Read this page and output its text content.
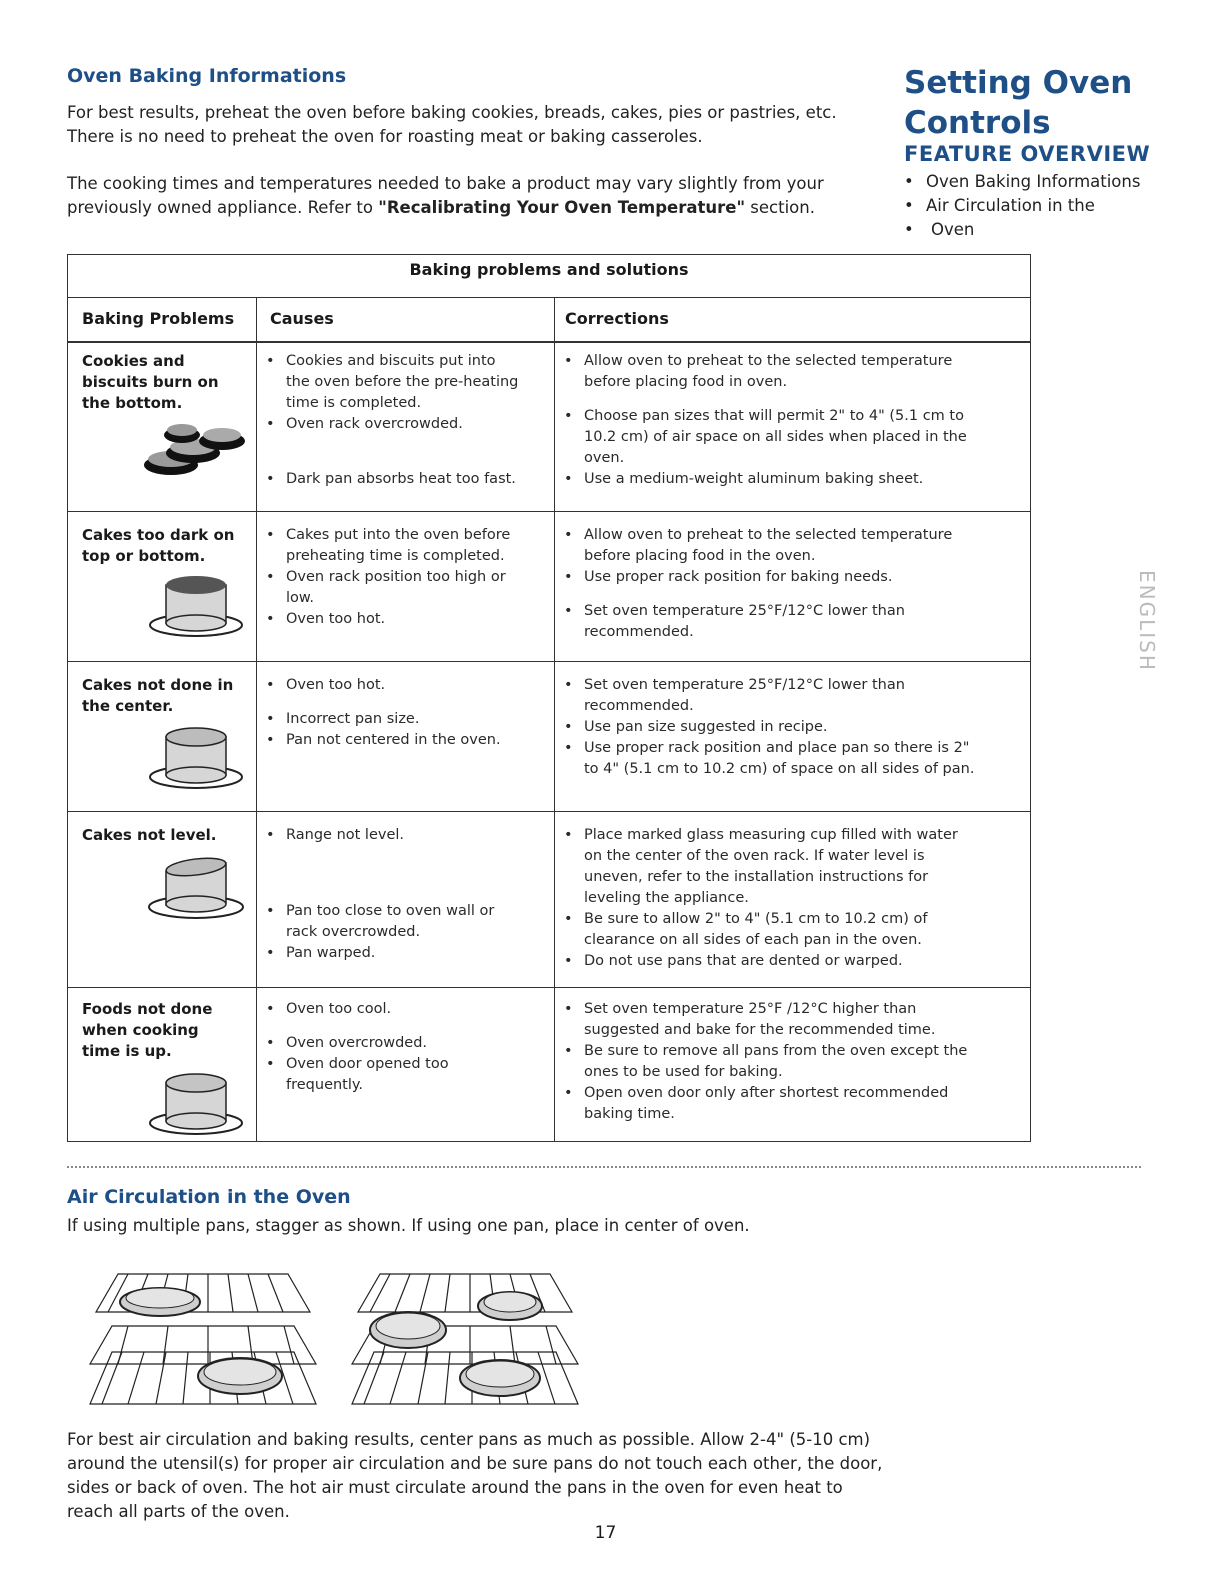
Oven Baking Informations
For best results, preheat the oven before baking cookies, breads, cakes, pies or pastries, etc.
There is no need to preheat the oven for roasting meat or baking casseroles.
The cooking times and temperatures needed to bake a product may vary slightly from your
previously owned appliance. Refer to "Recalibrating Your Oven Temperature" section.
Setting Oven
Controls
FEATURE OVERVIEW
• Oven Baking Informations
• Air Circulation in the
• Oven
ENGLISH
Baking problems and solutions
Baking Problems Causes	Corrections
Cookies and
biscuits burn on
the bottom.
• Cookies and biscuits put into
the oven before the pre-heating
time is completed.
• Oven rack overcrowded.
• Dark pan absorbs heat too fast.
• Allow oven to preheat to the selected temperature
before placing food in oven.
• Choose pan sizes that will permit 2" to 4" (5.1 cm to
10.2 cm) of air space on all sides when placed in the
oven.
• Use a medium-weight aluminum baking sheet.
Cakes too dark on
top or bottom.
• Cakes put into the oven before
preheating time is completed.
• Oven rack position too high or
low.
• Oven too hot.
• Allow oven to preheat to the selected temperature
before placing food in the oven.
• Use proper rack position for baking needs.
• Set oven temperature 25°F/12°C lower than
recommended.
Cakes not done in
the center.
• Oven too hot.
• Incorrect pan size.
• Pan not centered in the oven.
• Set oven temperature 25°F/12°C lower than
recommended.
• Use pan size suggested in recipe.
• Use proper rack position and place pan so there is 2"
to 4" (5.1 cm to 10.2 cm) of space on all sides of pan.
Cakes not level.
•	Range not level.
• Pan too close to oven wall or
rack overcrowded.
• Pan warped.
• Place marked glass measuring cup filled with water
on the center of the oven rack. If water level is
uneven, refer to the installation instructions for
leveling the appliance.
• Be sure to allow 2" to 4" (5.1 cm to 10.2 cm) of
clearance on all sides of each pan in the oven.
• Do not use pans that are dented or warped.
Foods not done
when cooking
time is up.
• Oven too cool.
• Oven overcrowded.
• Oven door opened too
frequently.
• Set oven temperature 25°F /12°C higher than
suggested and bake for the recommended time.
• Be sure to remove all pans from the oven except the
ones to be used for baking.
• Open oven door only after shortest recommended
baking time.
Air Circulation in the Oven
If using multiple pans, stagger as shown. If using one pan, place in center of oven.
For best air circulation and baking results, center pans as much as possible. Allow 2-4" (5-10 cm)
around the utensil(s) for proper air circulation and be sure pans do not touch each other, the door,
sides or back of oven. The hot air must circulate around the pans in the oven for even heat to
reach all parts of the oven.
17
